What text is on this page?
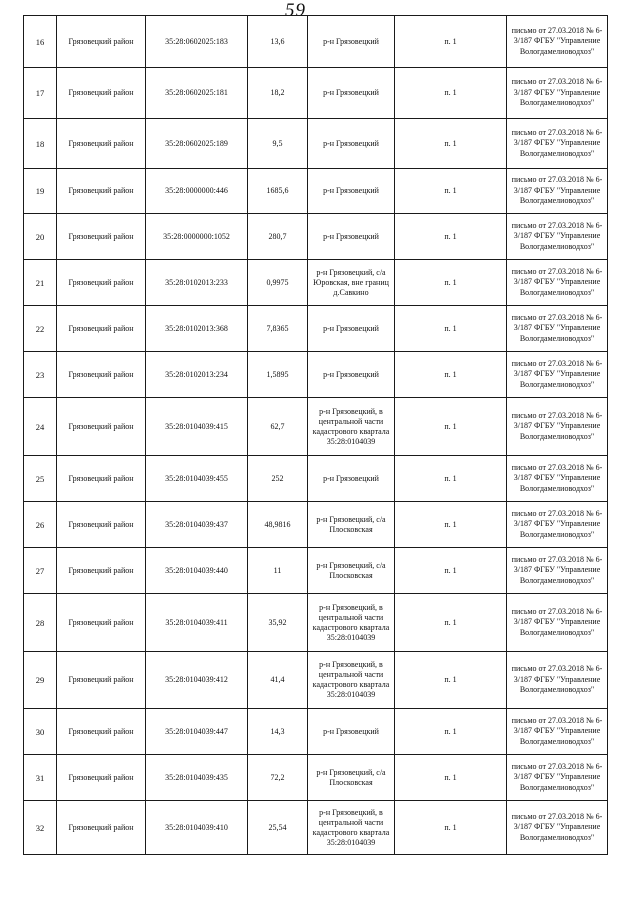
59
16	Грязовецкий район	35:28:0602025:183	13,6	р-н Грязовецкий	п. 1	письмо от 27.03.2018 № 6-3/187 ФГБУ "Управление Вологдамелиоводхоз"
17	Грязовецкий район	35:28:0602025:181	18,2	р-н Грязовецкий	п. 1	письмо от 27.03.2018 № 6-3/187 ФГБУ "Управление Вологдамелиоводхоз"
18	Грязовецкий район	35:28:0602025:189	9,5	р-н Грязовецкий	п. 1	письмо от 27.03.2018 № 6-3/187 ФГБУ "Управление Вологдамелиоводхоз"
19	Грязовецкий район	35:28:0000000:446	1685,6	р-н Грязовецкий	п. 1	письмо от 27.03.2018 № 6-3/187 ФГБУ "Управление Вологдамелиоводхоз"
20	Грязовецкий район	35:28:0000000:1052	280,7	р-н Грязовецкий	п. 1	письмо от 27.03.2018 № 6-3/187 ФГБУ "Управление Вологдамелиоводхоз"
21	Грязовецкий район	35:28:0102013:233	0,9975	р-н Грязовецкий, с/а Юровская, вне границ д.Савкино	п. 1	письмо от 27.03.2018 № 6-3/187 ФГБУ "Управление Вологдамелиоводхоз"
22	Грязовецкий район	35:28:0102013:368	7,8365	р-н Грязовецкий	п. 1	письмо от 27.03.2018 № 6-3/187 ФГБУ "Управление Вологдамелиоводхоз"
23	Грязовецкий район	35:28:0102013:234	1,5895	р-н Грязовецкий	п. 1	письмо от 27.03.2018 № 6-3/187 ФГБУ "Управление Вологдамелиоводхоз"
24	Грязовецкий район	35:28:0104039:415	62,7	р-н Грязовецкий, в центральной части кадастрового квартала 35:28:0104039	п. 1	письмо от 27.03.2018 № 6-3/187 ФГБУ "Управление Вологдамелиоводхоз"
25	Грязовецкий район	35:28:0104039:455	252	р-н Грязовецкий	п. 1	письмо от 27.03.2018 № 6-3/187 ФГБУ "Управление Вологдамелиоводхоз"
26	Грязовецкий район	35:28:0104039:437	48,9816	р-н Грязовецкий, с/а Плосковская	п. 1	письмо от 27.03.2018 № 6-3/187 ФГБУ "Управление Вологдамелиоводхоз"
27	Грязовецкий район	35:28:0104039:440	11	р-н Грязовецкий, с/а Плосковская	п. 1	письмо от 27.03.2018 № 6-3/187 ФГБУ "Управление Вологдамелиоводхоз"
28	Грязовецкий район	35:28:0104039:411	35,92	р-н Грязовецкий, в центральной части кадастрового квартала 35:28:0104039	п. 1	письмо от 27.03.2018 № 6-3/187 ФГБУ "Управление Вологдамелиоводхоз"
29	Грязовецкий район	35:28:0104039:412	41,4	р-н Грязовецкий, в центральной части кадастрового квартала 35:28:0104039	п. 1	письмо от 27.03.2018 № 6-3/187 ФГБУ "Управление Вологдамелиоводхоз"
30	Грязовецкий район	35:28:0104039:447	14,3	р-н Грязовецкий	п. 1	письмо от 27.03.2018 № 6-3/187 ФГБУ "Управление Вологдамелиоводхоз"
31	Грязовецкий район	35:28:0104039:435	72,2	р-н Грязовецкий, с/а Плосковская	п. 1	письмо от 27.03.2018 № 6-3/187 ФГБУ "Управление Вологдамелиоводхоз"
32	Грязовецкий район	35:28:0104039:410	25,54	р-н Грязовецкий, в центральной части кадастрового квартала 35:28:0104039	п. 1	письмо от 27.03.2018 № 6-3/187 ФГБУ "Управление Вологдамелиоводхоз"
